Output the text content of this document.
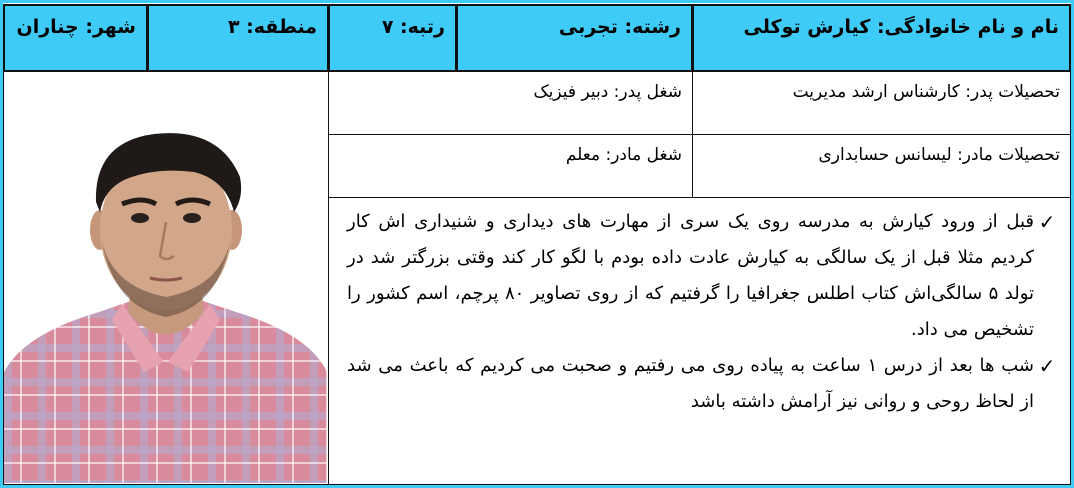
نام و نام خانوادگی: کیارش توکلی
رشته: تجربی
رتبه: ۷
منطقه: ۳
شهر: چناران
تحصیلات پدر: کارشناس ارشد مدیریت
شغل پدر: دبیر فیزیک
تحصیلات مادر: لیسانس حسابداری
شغل مادر: معلم
✓
قبل از ورود کیارش به مدرسه روی یک سری از مهارت های دیداری و شنیداری اش کار کردیم مثلا قبل از یک سالگی به کیارش عادت داده بودم با لگو کار کند وقتی بزرگتر شد در تولد ۵ سالگی‌اش کتاب اطلس جغرافیا را گرفتیم که از روی تصاویر ۸۰ پرچم، اسم کشور را تشخیص می داد.
✓
شب ها بعد از درس ۱ ساعت به پیاده روی می رفتیم و صحبت می کردیم که باعث می شد از لحاظ روحی و روانی نیز آرامش داشته باشد
